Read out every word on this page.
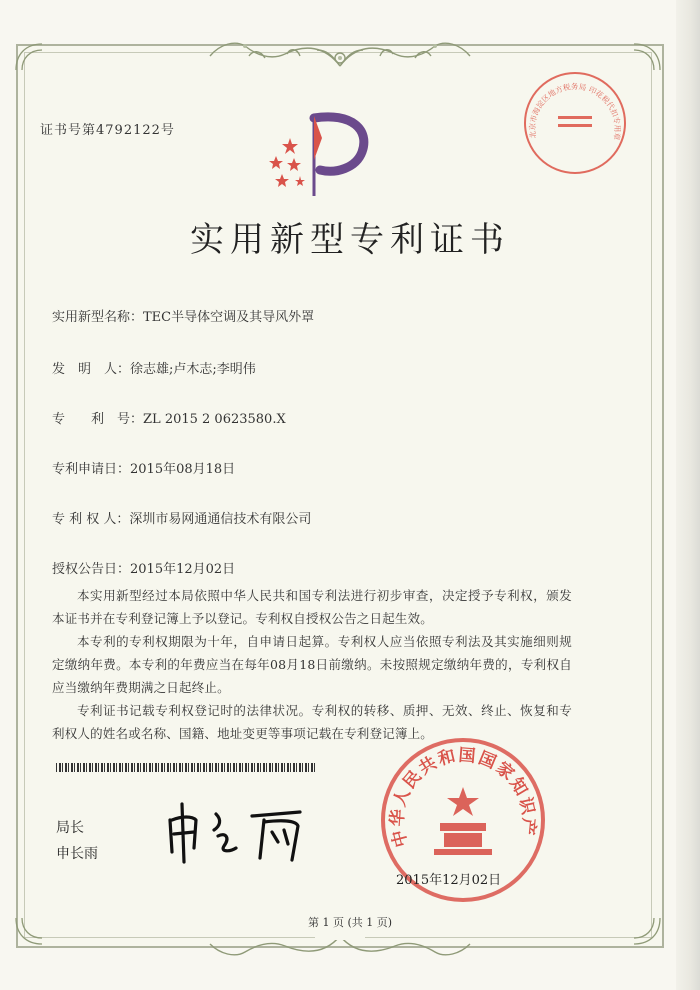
证书号第4792122号
实用新型专利证书
实用新型名称：TEC半导体空调及其导风外罩
发　明　人：徐志雄;卢木志;李明伟
专　　利　号：ZL 2015 2 0623580.X
专利申请日：2015年08月18日
专 利 权 人：深圳市易网通通信技术有限公司
授权公告日：2015年12月02日

本实用新型经过本局依照中华人民共和国专利法进行初步审查，决定授予专利权，颁发本证书并在专利登记簿上予以登记。专利权自授权公告之日起生效。

本专利的专利权期限为十年，自申请日起算。专利权人应当依照专利法及其实施细则规定缴纳年费。本专利的年费应当在每年08月18日前缴纳。未按照规定缴纳年费的，专利权自应当缴纳年费期满之日起终止。

专利证书记载专利权登记时的法律状况。专利权的转移、质押、无效、终止、恢复和专利权人的姓名或名称、国籍、地址变更等事项记载在专利登记簿上。

局长
申长雨
中华人民共和国国家知识产
2015年12月02日
北京市海淀区地方税务局 印花税代扣专用章
第 1 页 (共 1 页)
